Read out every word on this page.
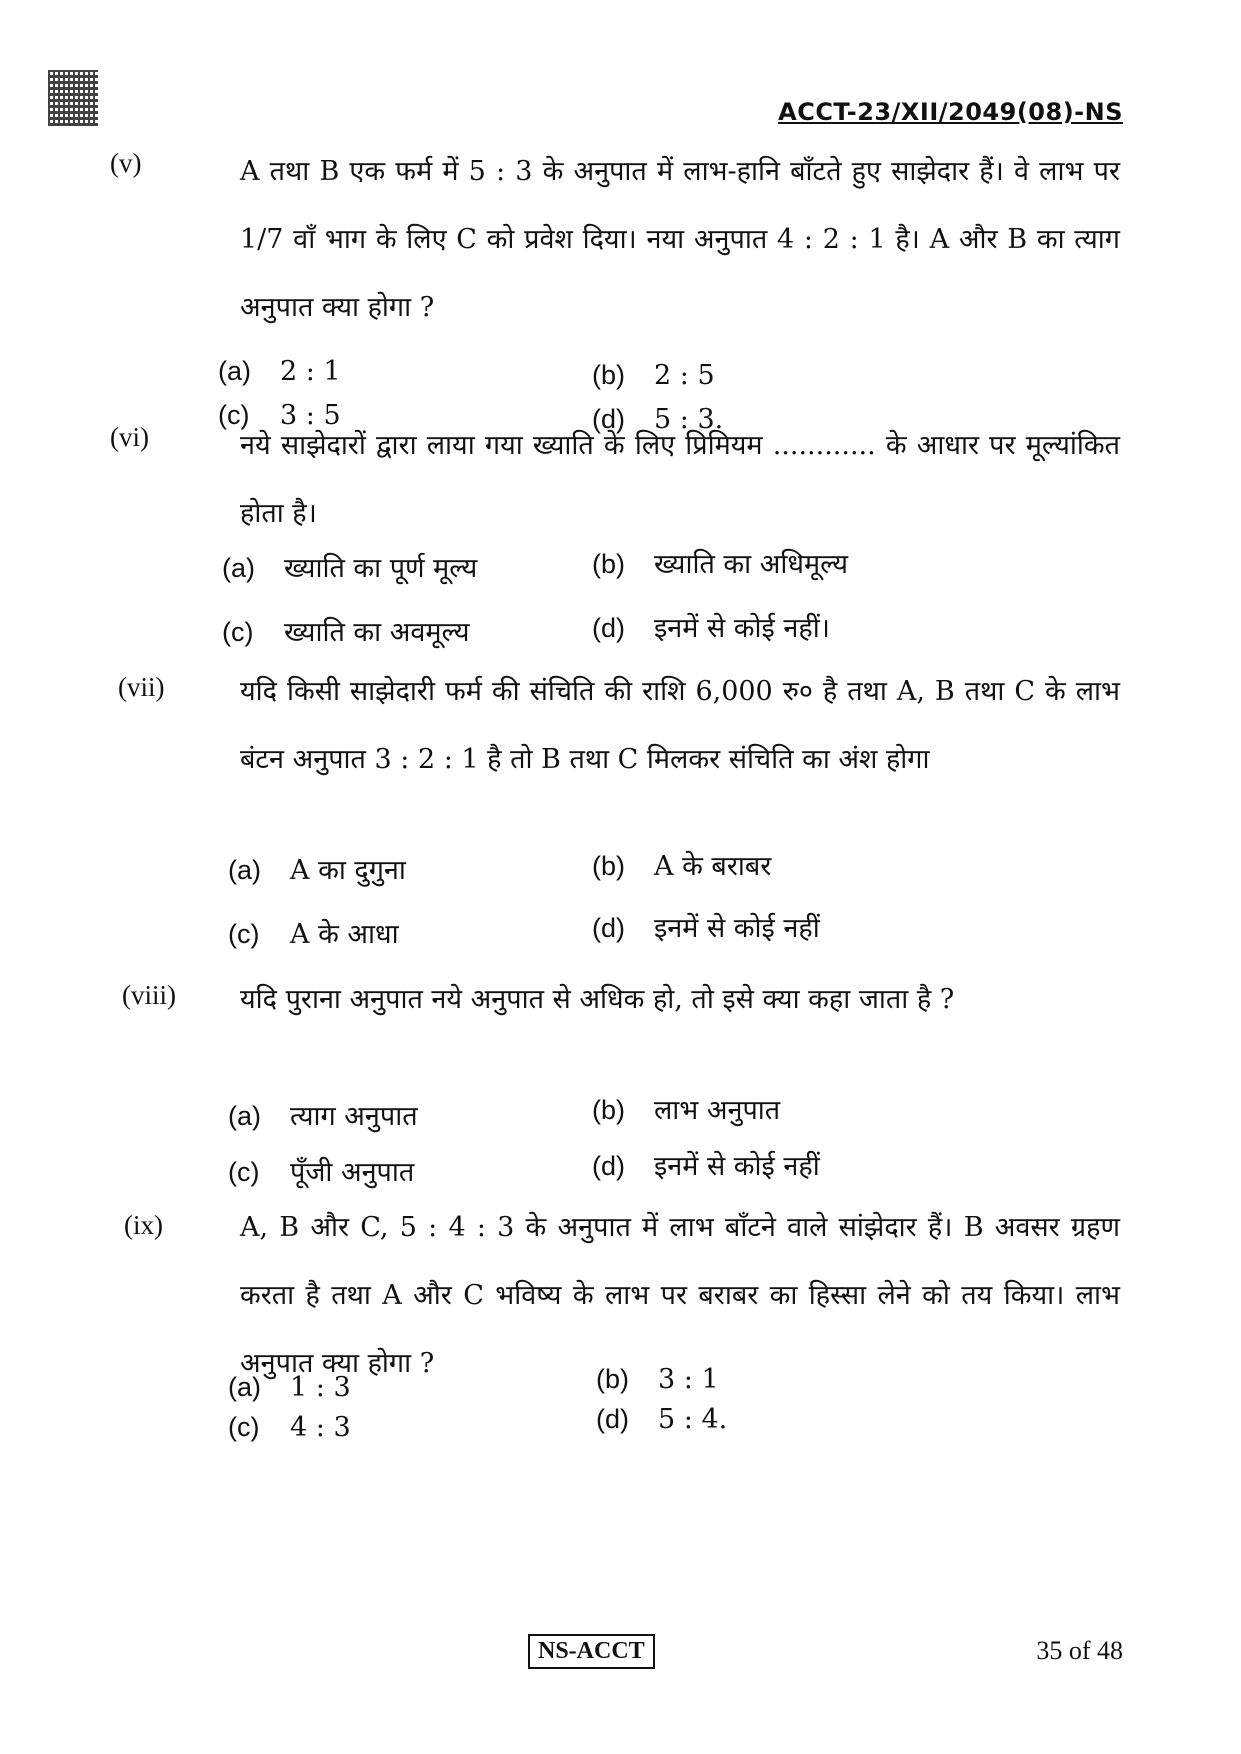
ACCT-23/XII/2049(08)-NS
(v)	A तथा B एक फर्म में 5 : 3 के अनुपात में लाभ-हानि बाँटते हुए साझेदार हैं। वे लाभ पर 1/7 वाँ भाग के लिए C को प्रवेश दिया। नया अनुपात 4 : 2 : 1 है। A और B का त्याग अनुपात क्या होगा ?
(a) 2 : 1	(b) 2 : 5
(c) 3 : 5	(d) 5 : 3.
(vi)	नये साझेदारों द्वारा लाया गया ख्याति के लिए प्रिमियम ............ के आधार पर मूल्यांकित होता है।
(a) ख्याति का पूर्ण मूल्य	(b) ख्याति का अधिमूल्य
(c) ख्याति का अवमूल्य	(d) इनमें से कोई नहीं।
(vii)	यदि किसी साझेदारी फर्म की संचिति की राशि 6,000 रु० है तथा A, B तथा C के लाभ बंटन अनुपात 3 : 2 : 1 है तो B तथा C मिलकर संचिति का अंश होगा
(a) A का दुगुना	(b) A के बराबर
(c) A के आधा	(d) इनमें से कोई नहीं
(viii) यदि पुराना अनुपात नये अनुपात से अधिक हो, तो इसे क्या कहा जाता है ?
(a) त्याग अनुपात	(b) लाभ अनुपात
(c) पूँजी अनुपात	(d) इनमें से कोई नहीं
(ix)	A, B और C, 5 : 4 : 3 के अनुपात में लाभ बाँटने वाले सांझेदार हैं। B अवसर ग्रहण करता है तथा A और C भविष्य के लाभ पर बराबर का हिस्सा लेने को तय किया। लाभ अनुपात क्या होगा ?
(a) 1 : 3	(b) 3 : 1
(c) 4 : 3	(d) 5 : 4.
NS-ACCT	35 of 48
